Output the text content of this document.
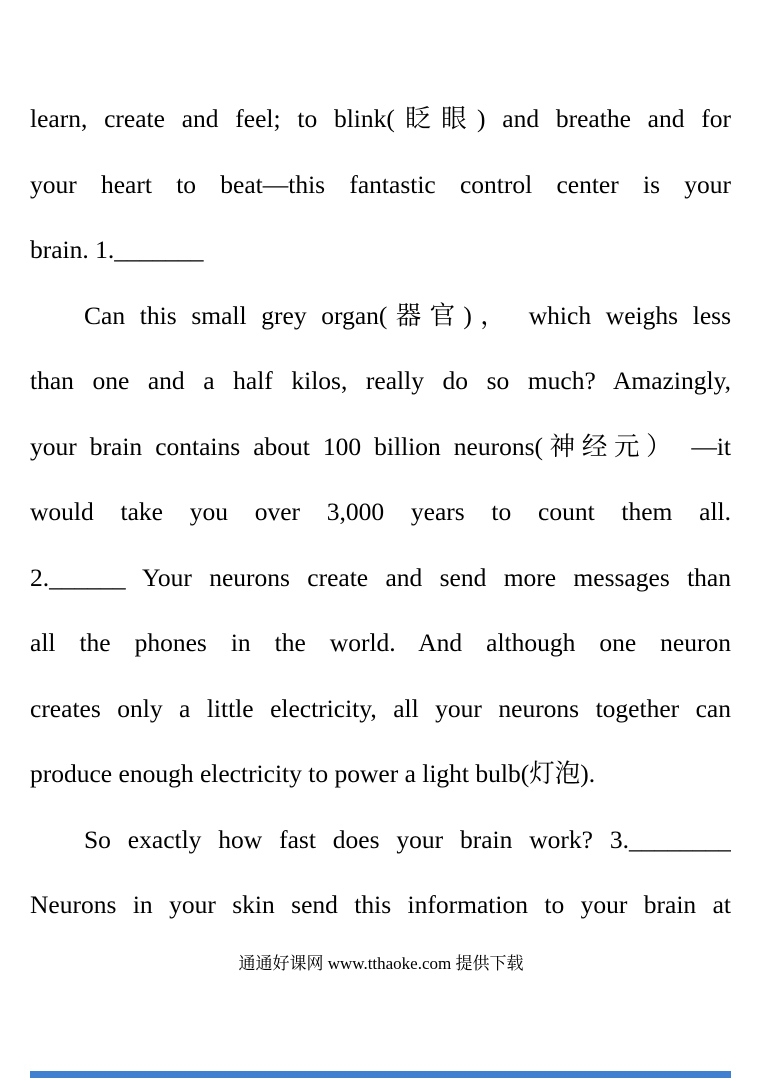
learn, create and feel; to blink(眨眼) and breathe and for
your heart to beat—this fantastic control center is your
brain. 1._______
Can this small grey organ(器官)， which weighs less
than one and a half kilos, really do so much? Amazingly,
your brain contains about 100 billion neurons(神经元） —it
would take you over 3,000 years to count them all.
2.______ Your neurons create and send more messages than
all the phones in the world. And although one neuron
creates only a little electricity, all your neurons together can
produce enough electricity to power a light bulb(灯泡).
So exactly how fast does your brain work? 3.________
Neurons in your skin send this information to your brain at
通通好课网 www.tthaoke.com 提供下载
